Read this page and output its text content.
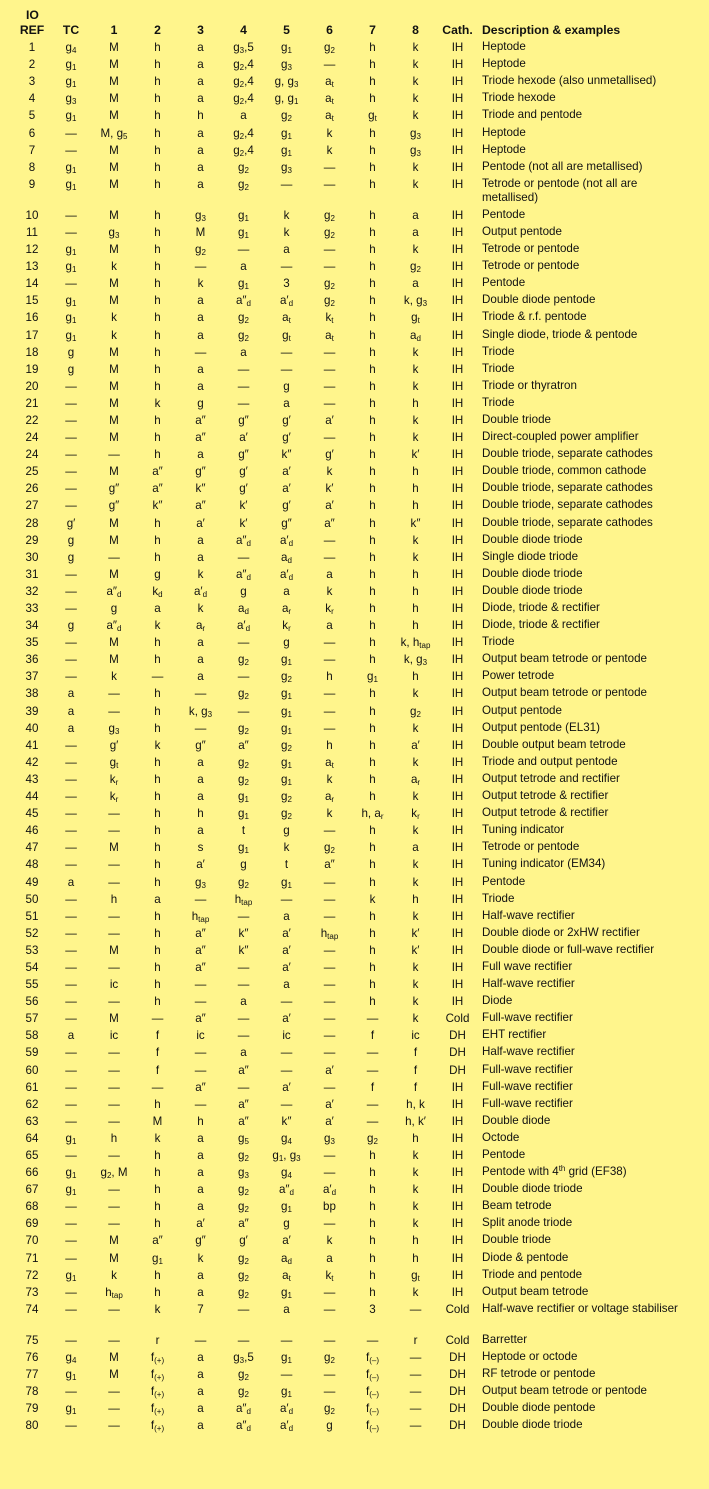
IO											
REF	TC	1	2	3	4	5	6	7	8	Cath.	Description & examples
1	$g_4$	M	h	a	$g_3,5$	$g_1$	$g_2$	h	k	IH	Heptode
2	$g_1$	M	h	a	$g_2,4$	$g_3$	—	h	k	IH	Heptode
3	$g_1$	M	h	a	$g_2,4$	g, $g_3$	$a_t$	h	k	IH	Triode hexode (also unmetallised)
4	$g_3$	M	h	a	$g_2,4$	g, $g_1$	$a_t$	h	k	IH	Triode hexode
5	$g_1$	M	h	h	a	$g_2$	$a_t$	$g_t$	k	IH	Triode and pentode
6	—	M, $g_5$	h	a	$g_2,4$	$g_1$	k	h	$g_3$	IH	Heptode
7	—	M	h	a	$g_2,4$	$g_1$	k	h	$g_3$	IH	Heptode
8	$g_1$	M	h	a	$g_2$	$g_3$	—	h	k	IH	Pentode (not all are metallised)
9	$g_1$	M	h	a	$g_2$	—	—	h	k	IH	Tetrode or pentode (not all are metallised)
10	—	M	h	$g_3$	$g_1$	k	$g_2$	h	a	IH	Pentode
11	—	$g_3$	h	M	$g_1$	k	$g_2$	h	a	IH	Output pentode
12	$g_1$	M	h	$g_2$	—	a	—	h	k	IH	Tetrode or pentode
13	$g_1$	k	h	—	a	—	—	h	$g_2$	IH	Tetrode or pentode
14	—	M	h	k	$g_1$	3	$g_2$	h	a	IH	Pentode
15	$g_1$	M	h	a	$a''_d$	$a'_d$	$g_2$	h	k, $g_3$	IH	Double diode pentode
16	$g_1$	k	h	a	$g_2$	$a_t$	$k_t$	h	$g_t$	IH	Triode & r.f. pentode
17	$g_1$	k	h	a	$g_2$	$g_t$	$a_t$	h	$a_d$	IH	Single diode, triode & pentode
18	g	M	h	—	a	—	—	h	k	IH	Triode
19	g	M	h	a	—	—	—	h	k	IH	Triode
20	—	M	h	a	—	g	—	h	k	IH	Triode or thyratron
21	—	M	k	g	—	a	—	h	h	IH	Triode
22	—	M	h	a″	g″	g′	a′	h	k	IH	Double triode
24	—	M	h	a″	a′	g′	—	h	k	IH	Direct-coupled power amplifier
24	—	—	h	a	g″	k″	g′	h	k′	IH	Double triode, separate cathodes
25	—	M	a″	g″	g′	a′	k	h	h	IH	Double triode, common cathode
26	—	g″	a″	k″	g′	a′	k′	h	h	IH	Double triode, separate cathodes
27	—	g″	k″	a″	k′	g′	a′	h	h	IH	Double triode, separate cathodes
28	g′	M	h	a′	k′	g″	a″	h	k″	IH	Double triode, separate cathodes
29	g	M	h	a	$a''_d$	$a'_d$	—	h	k	IH	Double diode triode
30	g	—	h	a	—	$a_d$	—	h	k	IH	Single diode triode
31	—	M	g	k	$a''_d$	$a'_d$	a	h	h	IH	Double diode triode
32	—	$a''_d$	$k_d$	$a'_d$	g	a	k	h	h	IH	Double diode triode
33	—	g	a	k	$a_d$	$a_r$	$k_r$	h	h	IH	Diode, triode & rectifier
34	g	$a''_d$	k	$a_r$	$a'_d$	$k_r$	a	h	h	IH	Diode, triode & rectifier
35	—	M	h	a	—	g	—	h	k, $h_{tap}$	IH	Triode
36	—	M	h	a	$g_2$	$g_1$	—	h	k, $g_3$	IH	Output beam tetrode or pentode
37	—	k	—	a	—	$g_2$	h	$g_1$	h	IH	Power tetrode
38	a	—	h	—	$g_2$	$g_1$	—	h	k	IH	Output beam tetrode or pentode
39	a	—	h	k, $g_3$	—	$g_1$	—	h	$g_2$	IH	Output pentode
40	a	$g_3$	h	—	$g_2$	$g_1$	—	h	k	IH	Output pentode (EL31)
41	—	g′	k	g″	a″	$g_2$	h	h	a′	IH	Double output beam tetrode
42	—	$g_t$	h	a	$g_2$	$g_1$	$a_t$	h	k	IH	Triode and output pentode
43	—	$k_r$	h	a	$g_2$	$g_1$	k	h	$a_r$	IH	Output tetrode and rectifier
44	—	$k_r$	h	a	$g_1$	$g_2$	$a_r$	h	k	IH	Output tetrode & rectifier
45	—	—	h	h	$g_1$	$g_2$	k	h, $a_r$	$k_r$	IH	Output tetrode & rectifier
46	—	—	h	a	t	g	—	h	k	IH	Tuning indicator
47	—	M	h	s	$g_1$	k	$g_2$	h	a	IH	Tetrode or pentode
48	—	—	h	a′	g	t	a″	h	k	IH	Tuning indicator (EM34)
49	a	—	h	$g_3$	$g_2$	$g_1$	—	h	k	IH	Pentode
50	—	h	a	—	$h_{tap}$	—	—	k	h	IH	Triode
51	—	—	h	$h_{tap}$	—	a	—	h	k	IH	Half-wave rectifier
52	—	—	h	a″	k″	a′	$h_{tap}$	h	k′	IH	Double diode or 2xHW rectifier
53	—	M	h	a″	k″	a′	—	h	k′	IH	Double diode or full-wave rectifier
54	—	—	h	a″	—	a′	—	h	k	IH	Full wave rectifier
55	—	ic	h	—	—	a	—	h	k	IH	Half-wave rectifier
56	—	—	h	—	a	—	—	h	k	IH	Diode
57	—	M	—	a″	—	a′	—	—	k	Cold	Full-wave rectifier
58	a	ic	f	ic	—	ic	—	f	ic	DH	EHT rectifier
59	—	—	f	—	a	—	—	—	f	DH	Half-wave rectifier
60	—	—	f	—	a″	—	a′	—	f	DH	Full-wave rectifier
61	—	—	—	a″	—	a′	—	f	f	IH	Full-wave rectifier
62	—	—	h	—	a″	—	a′	—	h, k	IH	Full-wave rectifier
63	—	—	M	h	a″	k″	a′	—	h, k′	IH	Double diode
64	$g_1$	h	k	a	$g_5$	$g_4$	$g_3$	$g_2$	h	IH	Octode
65	—	—	h	a	$g_2$	$g_1$, $g_3$	—	h	k	IH	Pentode
66	$g_1$	$g_2$, M	h	a	$g_3$	$g_4$	—	h	k	IH	Pentode with 4th grid (EF38)
67	$g_1$	—	h	a	$g_2$	$a''_d$	$a'_d$	h	k	IH	Double diode triode
68	—	—	h	a	$g_2$	$g_1$	bp	h	k	IH	Beam tetrode
69	—	—	h	a′	a″	g	—	h	k	IH	Split anode triode
70	—	M	a″	g″	g′	a′	k	h	h	IH	Double triode
71	—	M	$g_1$	k	$g_2$	$a_d$	a	h	h	IH	Diode & pentode
72	$g_1$	k	h	a	$g_2$	$a_t$	$k_t$	h	$g_t$	IH	Triode and pentode
73	—	$h_{tap}$	h	a	$g_2$	$g_1$	—	h	k	IH	Output beam tetrode
74	—	—	k	7	—	a	—	3	—	Cold	Half-wave rectifier or voltage stabiliser
75	—	—	r	—	—	—	—	—	r	Cold	Barretter
76	$g_4$	M	$f_{(+)}$	a	$g_3,5$	$g_1$	$g_2$	$f_{(-)}$	—	DH	Heptode or octode
77	$g_1$	M	$f_{(+)}$	a	$g_2$	—	—	$f_{(-)}$	—	DH	RF tetrode or pentode
78	—	—	$f_{(+)}$	a	$g_2$	$g_1$	—	$f_{(-)}$	—	DH	Output beam tetrode or pentode
79	$g_1$	—	$f_{(+)}$	a	$a''_d$	$a'_d$	$g_2$	$f_{(-)}$	—	DH	Double diode pentode
80	—	—	$f_{(+)}$	a	$a''_d$	$a'_d$	g	$f_{(-)}$	—	DH	Double diode triode
